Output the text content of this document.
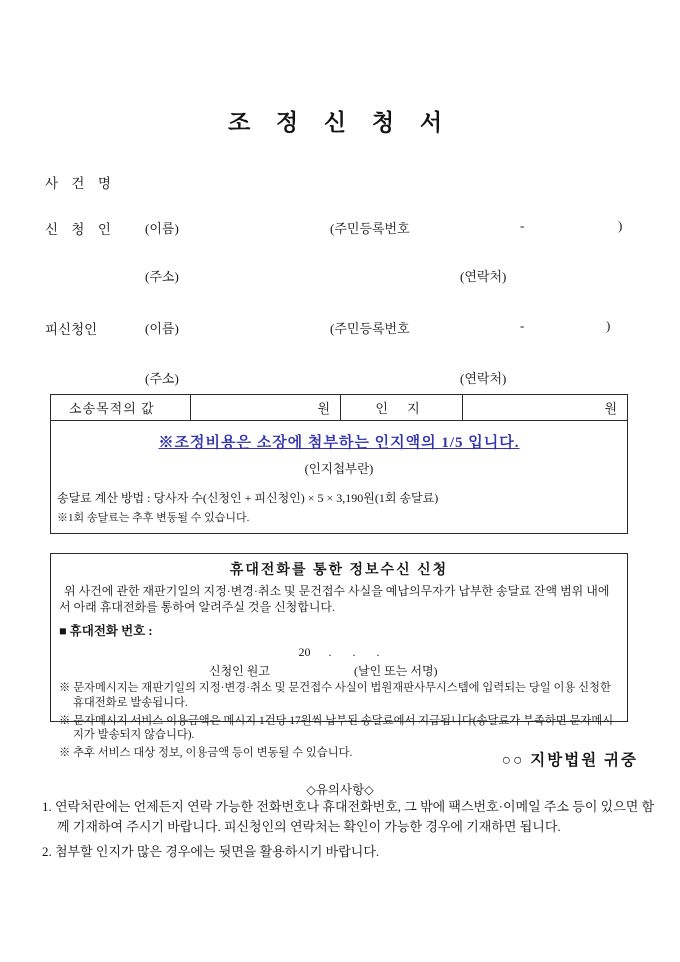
조 정 신 청 서
사 건 명
신 청 인 (이름)	(주민등록번호	-	)
(주소)	(연락처)
피신청인	(이름)	(주민등록번호	-	)
(주소)	(연락처)
소송목적의 값	원	인 지	원
※조정비용은 소장에 첨부하는 인지액의 1/5 입니다.
(인지첩부란)
송달료 계산 방법 : 당사자 수(신청인 + 피신청인) × 5 × 3,190원(1회 송달료)
※1회 송달료는 추후 변동될 수 있습니다.
휴대전화를 통한 정보수신 신청
위 사건에 관한 재판기일의 지정·변경·취소 및 문건접수 사실을 예납의무자가 납부한 송달료 잔액 범위 내에서 아래 휴대전화를 통하여 알려주실 것을 신청합니다.
■ 휴대전화 번호 :
20      .       .       .
신청인 원고	(날인 또는 서명)
※ 문자메시지는 재판기일의 지정·변경·취소 및 문건접수 사실이 법원재판사무시스템에 입력되는 당일 이용 신청한 휴대전화로 발송됩니다.
※ 문자메시지 서비스 이용금액은 메시지 1건당 17원씩 납부된 송달료에서 지급됩니다(송달료가 부족하면 문자메시지가 발송되지 않습니다).
※ 추후 서비스 대상 정보, 이용금액 등이 변동될 수 있습니다.	○○ 지방법원 귀중
◇유의사항◇
1. 연락처란에는 언제든지 연락 가능한 전화번호나 휴대전화번호, 그 밖에 팩스번호·이메일 주소 등이 있으면 함께 기재하여 주시기 바랍니다. 피신청인의 연락처는 확인이 가능한 경우에 기재하면 됩니다.
2. 첨부할 인지가 많은 경우에는 뒷면을 활용하시기 바랍니다.
